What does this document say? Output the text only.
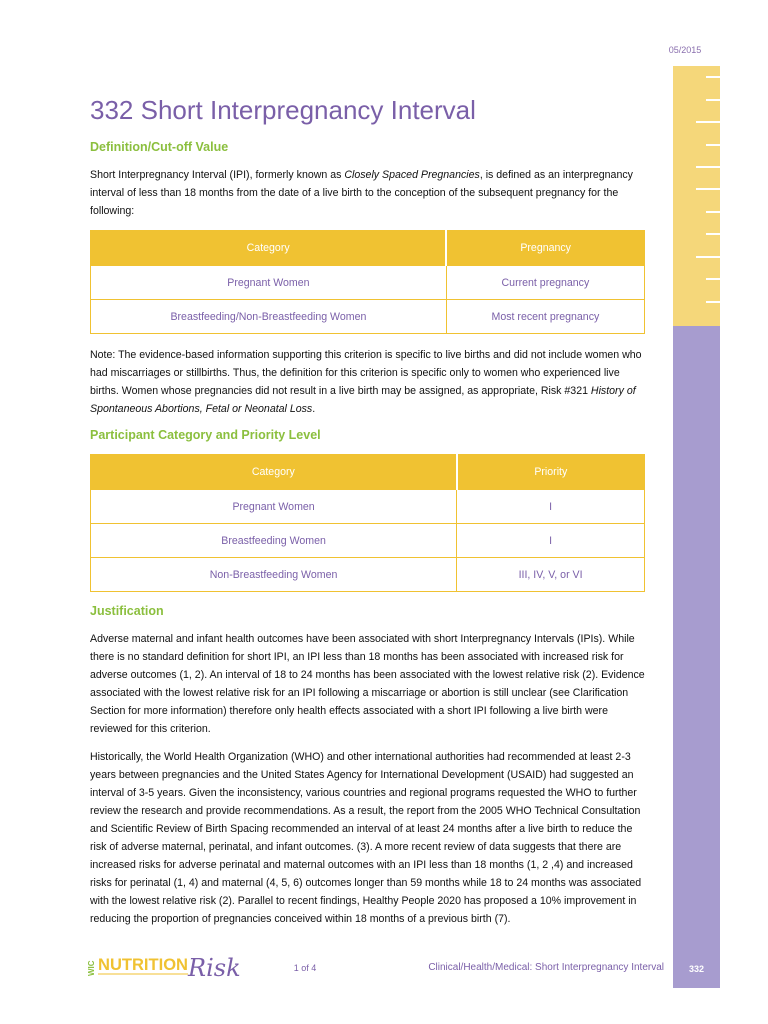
05/2015
332
332 Short Interpregnancy Interval
Definition/Cut-off Value

Short Interpregnancy Interval (IPI), formerly known as Closely Spaced Pregnancies, is defined as an interpregnancy interval of less than 18 months from the date of a live birth to the conception of the subsequent pregnancy for the following:

Category	Pregnancy
Pregnant Women	Current pregnancy
Breastfeeding/Non-Breastfeeding Women	Most recent pregnancy

Note: The evidence-based information supporting this criterion is specific to live births and did not include women who had miscarriages or stillbirths. Thus, the definition for this criterion is specific only to women who experienced live births. Women whose pregnancies did not result in a live birth may be assigned, as appropriate, Risk #321 History of Spontaneous Abortions, Fetal or Neonatal Loss.

Participant Category and Priority Level
Category	Priority
Pregnant Women	I
Breastfeeding Women	I
Non-Breastfeeding Women	III, IV, V, or VI
Justification

Adverse maternal and infant health outcomes have been associated with short Interpregnancy Intervals (IPIs). While there is no standard definition for short IPI, an IPI less than 18 months has been associated with increased risk for adverse outcomes (1, 2). An interval of 18 to 24 months has been associated with the lowest relative risk (2). Evidence associated with the lowest relative risk for an IPI following a miscarriage or abortion is still unclear (see Clarification Section for more information) therefore only health effects associated with a short IPI following a live birth were reviewed for this criterion.

Historically, the World Health Organization (WHO) and other international authorities had recommended at least 2-3 years between pregnancies and the United States Agency for International Development (USAID) had suggested an interval of 3-5 years. Given the inconsistency, various countries and regional programs requested the WHO to further review the research and provide recommendations. As a result, the report from the 2005 WHO Technical Consultation and Scientific Review of Birth Spacing recommended an interval of at least 24 months after a live birth to reduce the risk of adverse maternal, perinatal, and infant outcomes. (3). A more recent review of data suggests that there are increased risks for adverse perinatal and maternal outcomes with an IPI less than 18 months (1, 2 ,4) and increased risks for perinatal (1, 4) and maternal (4, 5, 6) outcomes longer than 59 months while 18 to 24 months was associated with the lowest relative risk (2). Parallel to recent findings, Healthy People 2020 has proposed a 10% improvement in reducing the proportion of pregnancies conceived within 18 months of a previous birth (7).

WIC NUTRITION Risk	1 of 4	Clinical/Health/Medical: Short Interpregnancy Interval
